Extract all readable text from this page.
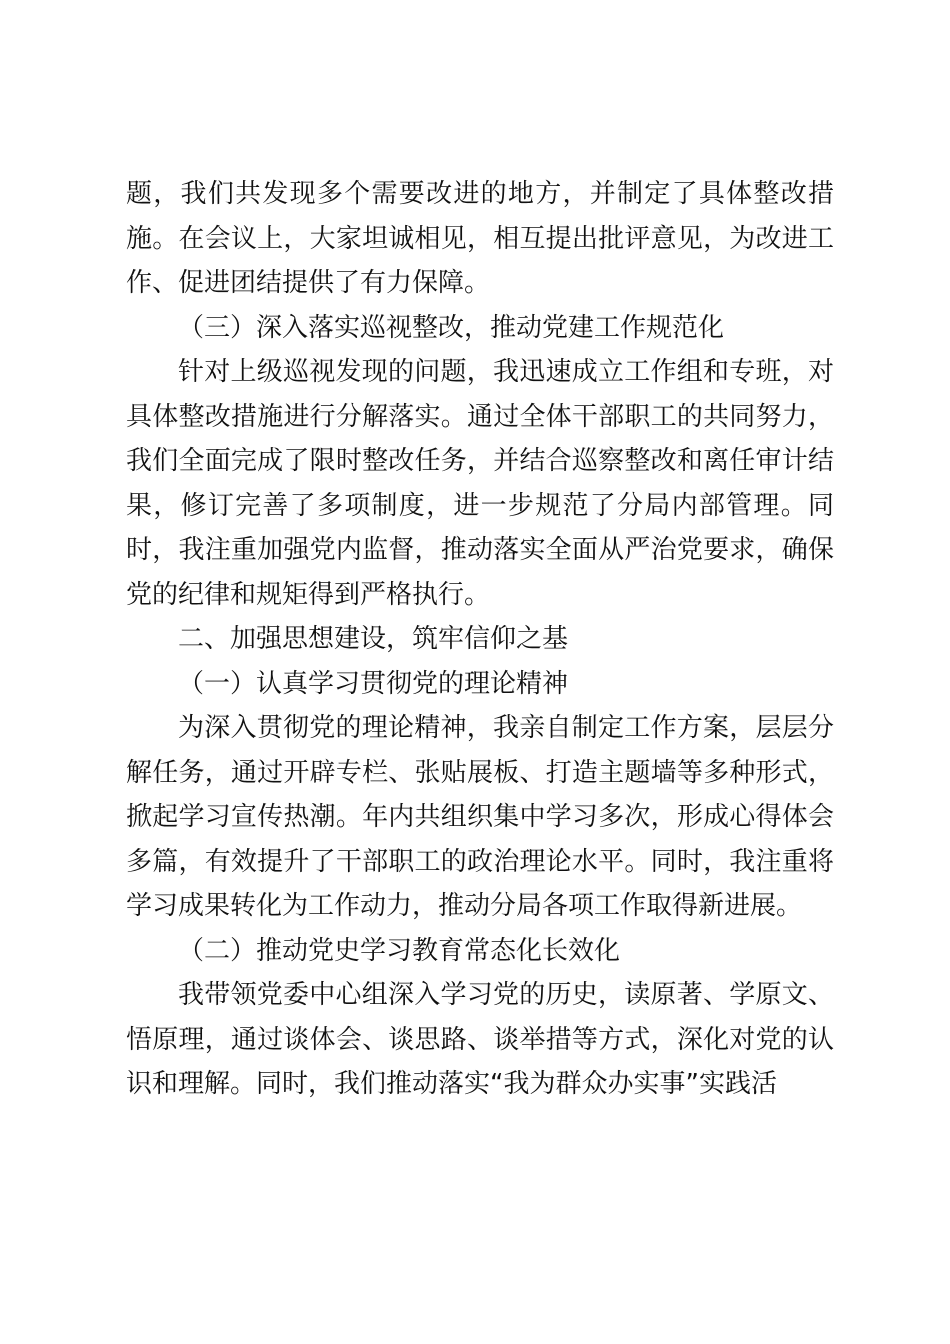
题，我们共发现多个需要改进的地方，并制定了具体整改措施。在会议上，大家坦诚相见，相互提出批评意见，为改进工作、促进团结提供了有力保障。

（三）深入落实巡视整改，推动党建工作规范化

针对上级巡视发现的问题，我迅速成立工作组和专班，对具体整改措施进行分解落实。通过全体干部职工的共同努力，我们全面完成了限时整改任务，并结合巡察整改和离任审计结果，修订完善了多项制度，进一步规范了分局内部管理。同时，我注重加强党内监督，推动落实全面从严治党要求，确保党的纪律和规矩得到严格执行。

二、加强思想建设，筑牢信仰之基

（一）认真学习贯彻党的理论精神

为深入贯彻党的理论精神，我亲自制定工作方案，层层分解任务，通过开辟专栏、张贴展板、打造主题墙等多种形式，掀起学习宣传热潮。年内共组织集中学习多次，形成心得体会多篇，有效提升了干部职工的政治理论水平。同时，我注重将学习成果转化为工作动力，推动分局各项工作取得新进展。

（二）推动党史学习教育常态化长效化

我带领党委中心组深入学习党的历史，读原著、学原文、悟原理，通过谈体会、谈思路、谈举措等方式，深化对党的认识和理解。同时，我们推动落实“我为群众办实事”实践活
